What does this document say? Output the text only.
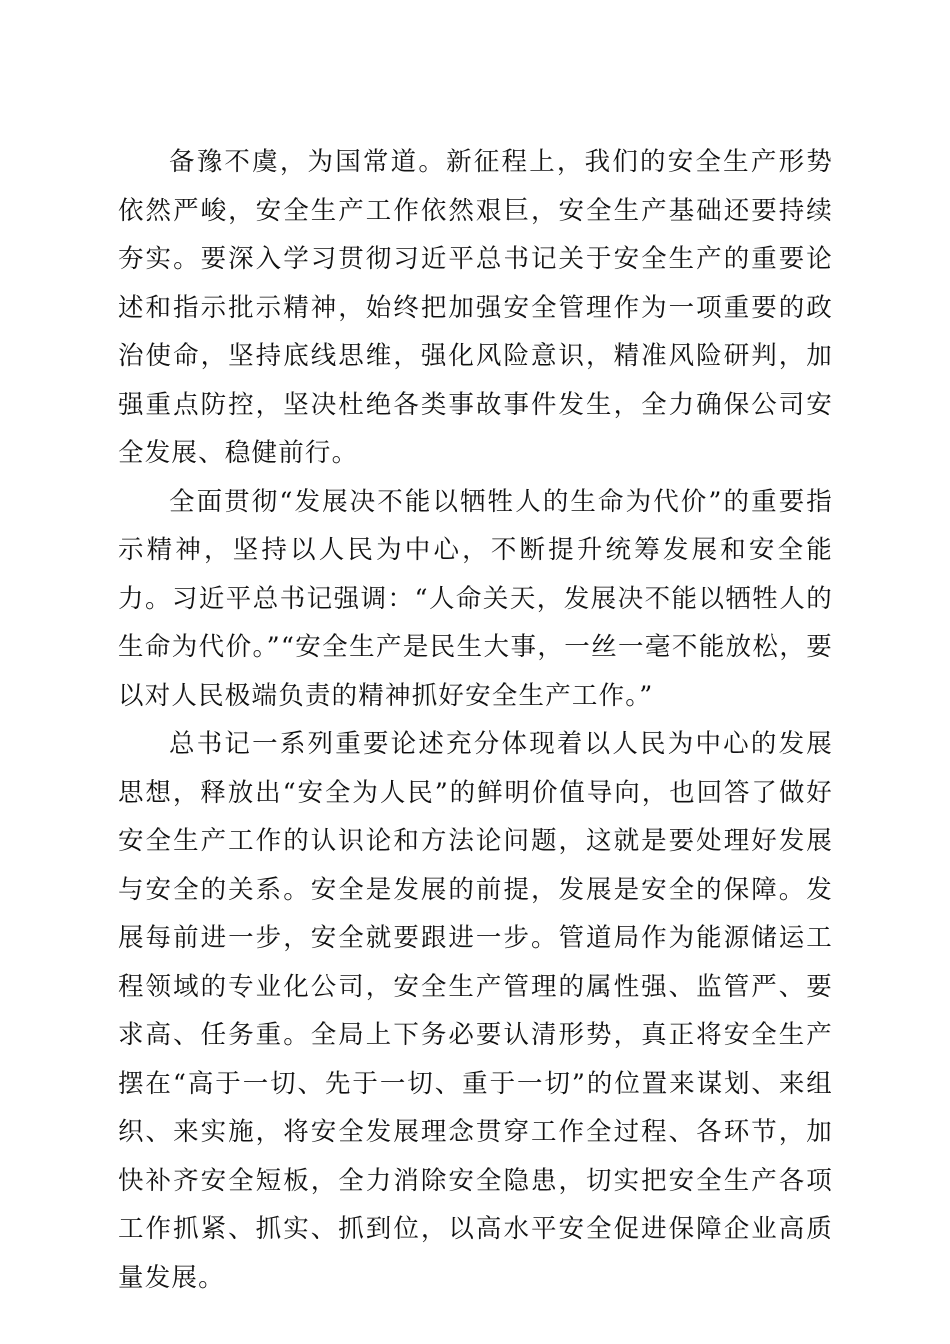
备豫不虞，为国常道。新征程上，我们的安全生产形势依然严峻，安全生产工作依然艰巨，安全生产基础还要持续夯实。要深入学习贯彻习近平总书记关于安全生产的重要论述和指示批示精神，始终把加强安全管理作为一项重要的政治使命，坚持底线思维，强化风险意识，精准风险研判，加强重点防控，坚决杜绝各类事故事件发生，全力确保公司安全发展、稳健前行。

全面贯彻“发展决不能以牺牲人的生命为代价”的重要指示精神，坚持以人民为中心，不断提升统筹发展和安全能力。习近平总书记强调：“人命关天，发展决不能以牺牲人的生命为代价。”“安全生产是民生大事，一丝一毫不能放松，要以对人民极端负责的精神抓好安全生产工作。”

总书记一系列重要论述充分体现着以人民为中心的发展思想，释放出“安全为人民”的鲜明价值导向，也回答了做好安全生产工作的认识论和方法论问题，这就是要处理好发展与安全的关系。安全是发展的前提，发展是安全的保障。发展每前进一步，安全就要跟进一步。管道局作为能源储运工程领域的专业化公司，安全生产管理的属性强、监管严、要求高、任务重。全局上下务必要认清形势，真正将安全生产摆在“高于一切、先于一切、重于一切”的位置来谋划、来组织、来实施，将安全发展理念贯穿工作全过程、各环节，加快补齐安全短板，全力消除安全隐患，切实把安全生产各项工作抓紧、抓实、抓到位，以高水平安全促进保障企业高质量发展。
